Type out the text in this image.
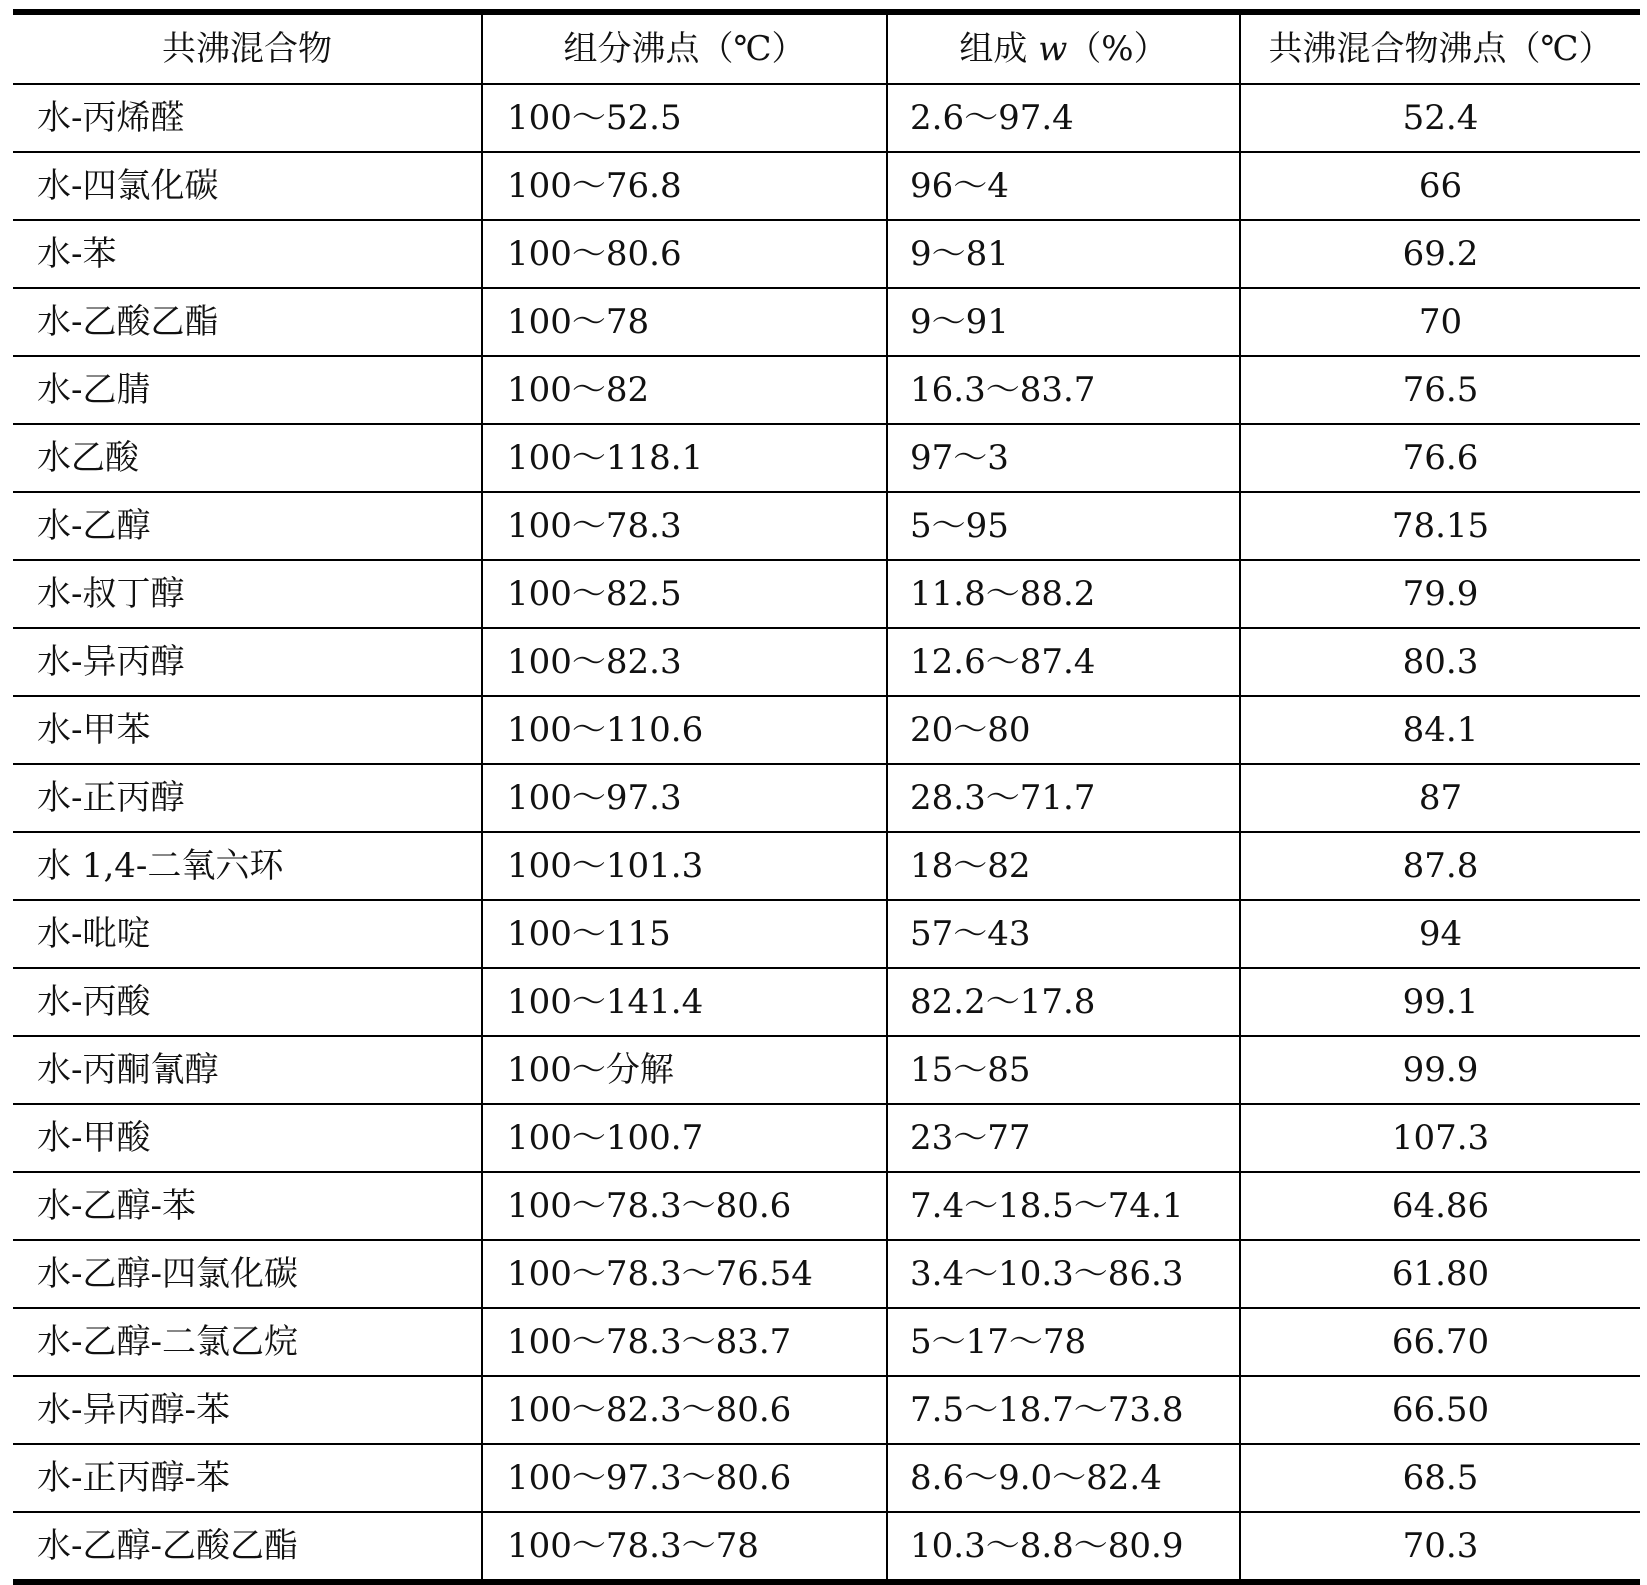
共沸混合物	组分沸点（℃）	组成 w（%）	共沸混合物沸点（℃）
水-丙烯醛	100～52.5	2.6～97.4	52.4
水-四氯化碳	100～76.8	96～4	66
水-苯	100～80.6	9～81	69.2
水-乙酸乙酯	100～78	9～91	70
水-乙腈	100～82	16.3～83.7	76.5
水乙酸	100～118.1	97～3	76.6
水-乙醇	100～78.3	5～95	78.15
水-叔丁醇	100～82.5	11.8～88.2	79.9
水-异丙醇	100～82.3	12.6～87.4	80.3
水-甲苯	100～110.6	20～80	84.1
水-正丙醇	100～97.3	28.3～71.7	87
水 1,4-二氧六环	100～101.3	18～82	87.8
水-吡啶	100～115	57～43	94
水-丙酸	100～141.4	82.2～17.8	99.1
水-丙酮氰醇	100～分解	15～85	99.9
水-甲酸	100～100.7	23～77	107.3
水-乙醇-苯	100～78.3～80.6	7.4～18.5～74.1	64.86
水-乙醇-四氯化碳	100～78.3～76.54	3.4～10.3～86.3	61.80
水-乙醇-二氯乙烷	100～78.3～83.7	5～17～78	66.70
水-异丙醇-苯	100～82.3～80.6	7.5～18.7～73.8	66.50
水-正丙醇-苯	100～97.3～80.6	8.6～9.0～82.4	68.5
水-乙醇-乙酸乙酯	100～78.3～78	10.3～8.8～80.9	70.3
